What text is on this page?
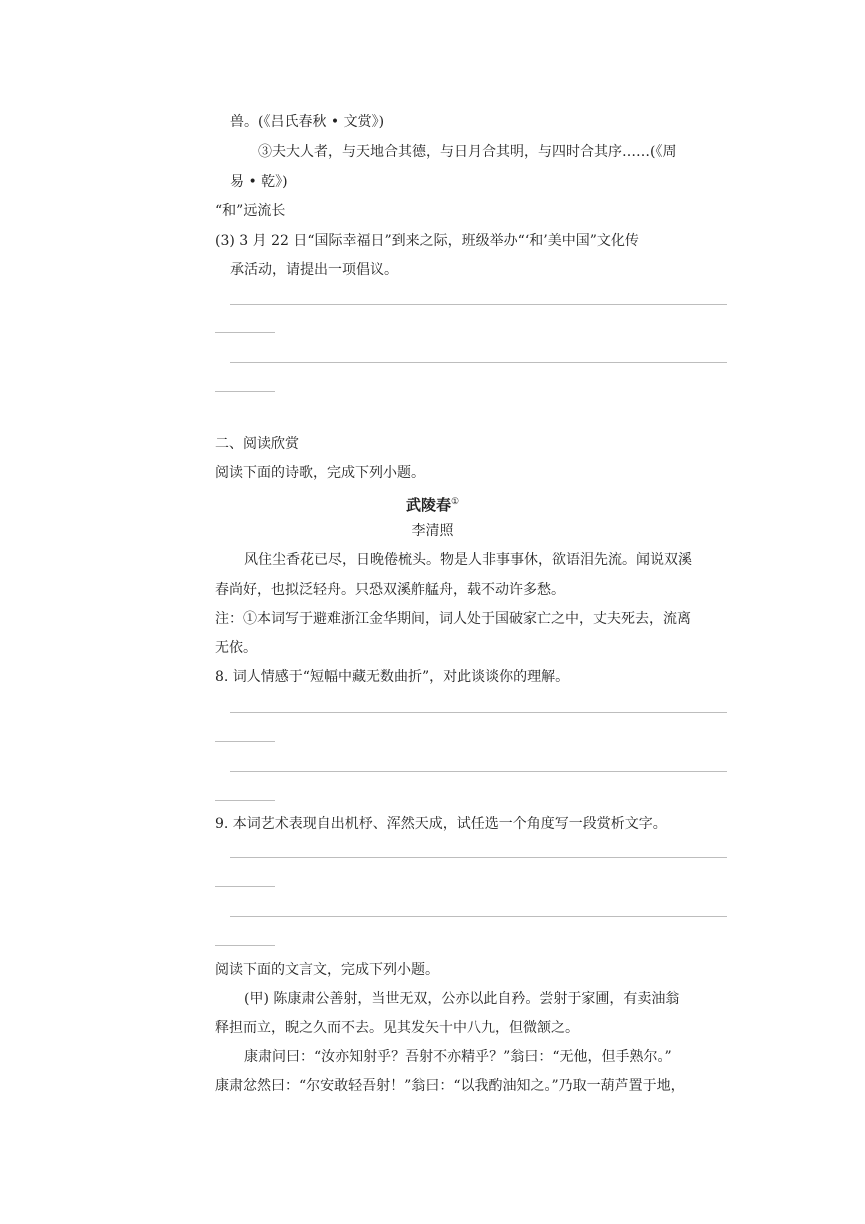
兽。(《吕氏春秋 • 文赏》)
③夫大人者，与天地合其德，与日月合其明，与四时合其序……(《周
易 • 乾》)
“和”远流长
(3) 3 月 22 日“国际幸福日”到来之际，班级举办“‘和’美中国”文化传
承活动，请提出一项倡议。
二、阅读欣赏
阅读下面的诗歌，完成下列小题。
武陵春①
李清照
风住尘香花已尽，日晚倦梳头。物是人非事事休，欲语泪先流。闻说双溪
春尚好，也拟泛轻舟。只恐双溪舴艋舟，载不动许多愁。
注：①本词写于避难浙江金华期间，词人处于国破家亡之中，丈夫死去，流离
无依。
8. 词人情感于“短幅中藏无数曲折”，对此谈谈你的理解。
9. 本词艺术表现自出机杼、浑然天成，试任选一个角度写一段赏析文字。
阅读下面的文言文，完成下列小题。
(甲) 陈康肃公善射，当世无双，公亦以此自矜。尝射于家圃，有卖油翁
释担而立，睨之久而不去。见其发矢十中八九，但微颔之。
康肃问曰：“汝亦知射乎？吾射不亦精乎？”翁曰：“无他，但手熟尔。”
康肃忿然曰：“尔安敢轻吾射！”翁曰：“以我酌油知之。”乃取一葫芦置于地，
